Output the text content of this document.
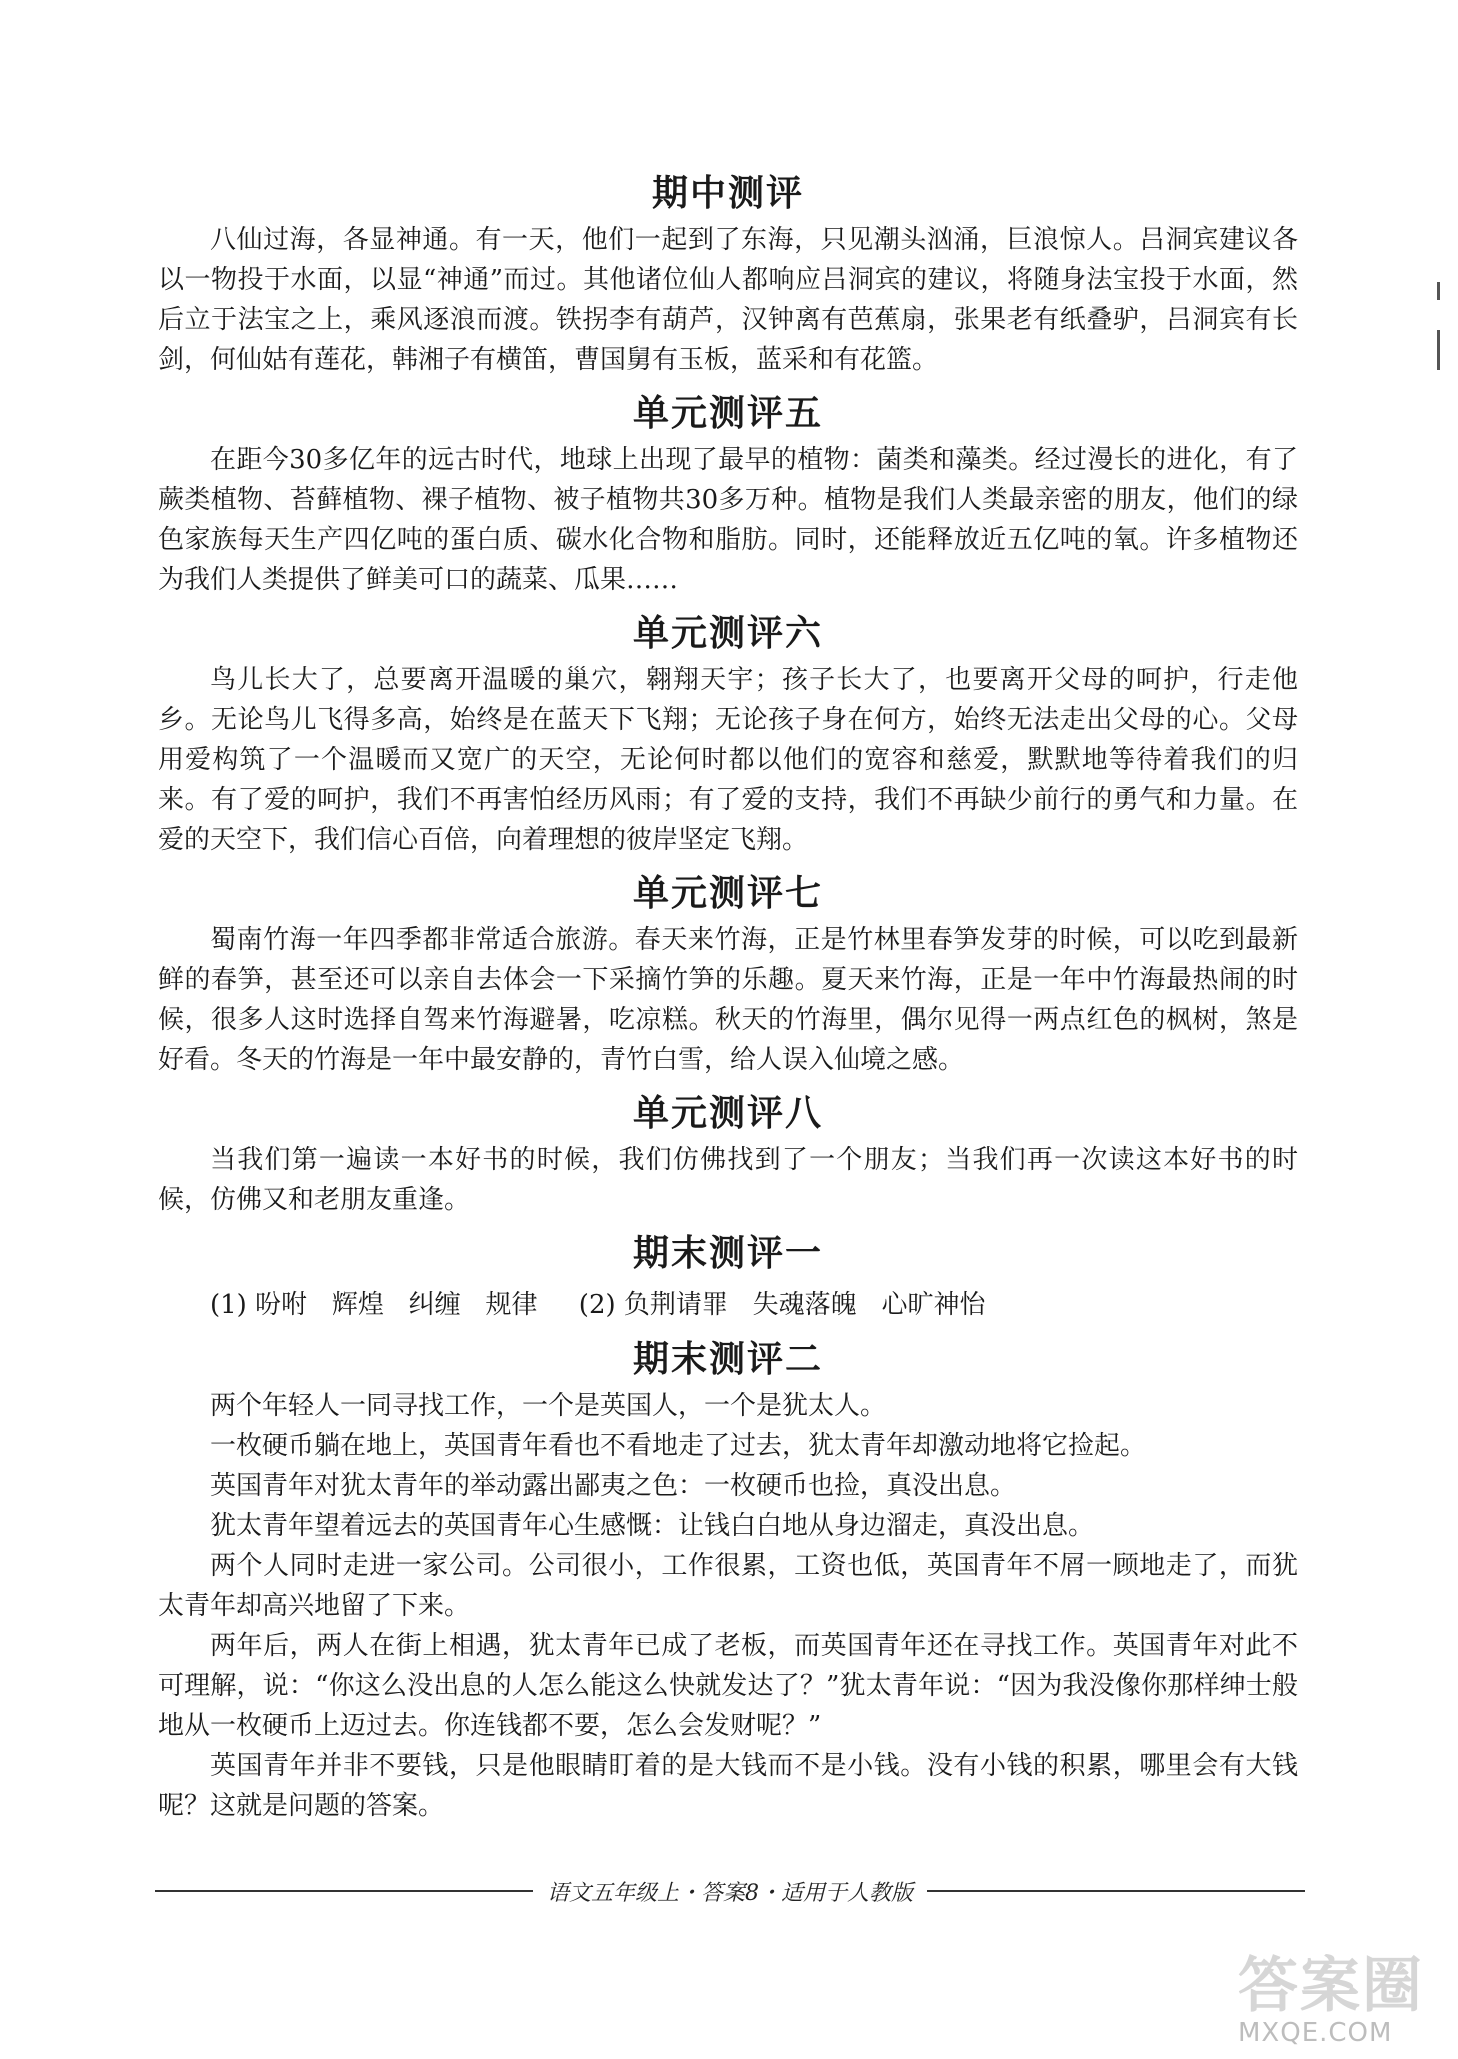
期中测评

八仙过海，各显神通。有一天，他们一起到了东海，只见潮头汹涌，巨浪惊人。吕洞宾建议各以一物投于水面，以显“神通”而过。其他诸位仙人都响应吕洞宾的建议，将随身法宝投于水面，然后立于法宝之上，乘风逐浪而渡。铁拐李有葫芦，汉钟离有芭蕉扇，张果老有纸叠驴，吕洞宾有长剑，何仙姑有莲花，韩湘子有横笛，曹国舅有玉板，蓝采和有花篮。

单元测评五

在距今30多亿年的远古时代，地球上出现了最早的植物：菌类和藻类。经过漫长的进化，有了蕨类植物、苔藓植物、裸子植物、被子植物共30多万种。植物是我们人类最亲密的朋友，他们的绿色家族每天生产四亿吨的蛋白质、碳水化合物和脂肪。同时，还能释放近五亿吨的氧。许多植物还为我们人类提供了鲜美可口的蔬菜、瓜果……

单元测评六

鸟儿长大了，总要离开温暖的巢穴，翱翔天宇；孩子长大了，也要离开父母的呵护，行走他乡。无论鸟儿飞得多高，始终是在蓝天下飞翔；无论孩子身在何方，始终无法走出父母的心。父母用爱构筑了一个温暖而又宽广的天空，无论何时都以他们的宽容和慈爱，默默地等待着我们的归来。有了爱的呵护，我们不再害怕经历风雨；有了爱的支持，我们不再缺少前行的勇气和力量。在爱的天空下，我们信心百倍，向着理想的彼岸坚定飞翔。

单元测评七

蜀南竹海一年四季都非常适合旅游。春天来竹海，正是竹林里春笋发芽的时候，可以吃到最新鲜的春笋，甚至还可以亲自去体会一下采摘竹笋的乐趣。夏天来竹海，正是一年中竹海最热闹的时候，很多人这时选择自驾来竹海避暑，吃凉糕。秋天的竹海里，偶尔见得一两点红色的枫树，煞是好看。冬天的竹海是一年中最安静的，青竹白雪，给人误入仙境之感。

单元测评八

当我们第一遍读一本好书的时候，我们仿佛找到了一个朋友；当我们再一次读这本好书的时候，仿佛又和老朋友重逢。

期末测评一
(1) 吩咐   辉煌   纠缠   规律     (2) 负荆请罪   失魂落魄   心旷神怡
期末测评二

两个年轻人一同寻找工作，一个是英国人，一个是犹太人。

一枚硬币躺在地上，英国青年看也不看地走了过去，犹太青年却激动地将它捡起。

英国青年对犹太青年的举动露出鄙夷之色：一枚硬币也捡，真没出息。

犹太青年望着远去的英国青年心生感慨：让钱白白地从身边溜走，真没出息。

两个人同时走进一家公司。公司很小，工作很累，工资也低，英国青年不屑一顾地走了，而犹太青年却高兴地留了下来。

两年后，两人在街上相遇，犹太青年已成了老板，而英国青年还在寻找工作。英国青年对此不可理解，说：“你这么没出息的人怎么能这么快就发达了？”犹太青年说：“因为我没像你那样绅士般地从一枚硬币上迈过去。你连钱都不要，怎么会发财呢？”

英国青年并非不要钱，只是他眼睛盯着的是大钱而不是小钱。没有小钱的积累，哪里会有大钱呢？这就是问题的答案。

语文五年级上・答案8・适用于人教版
答案圈
MXQE.COM
